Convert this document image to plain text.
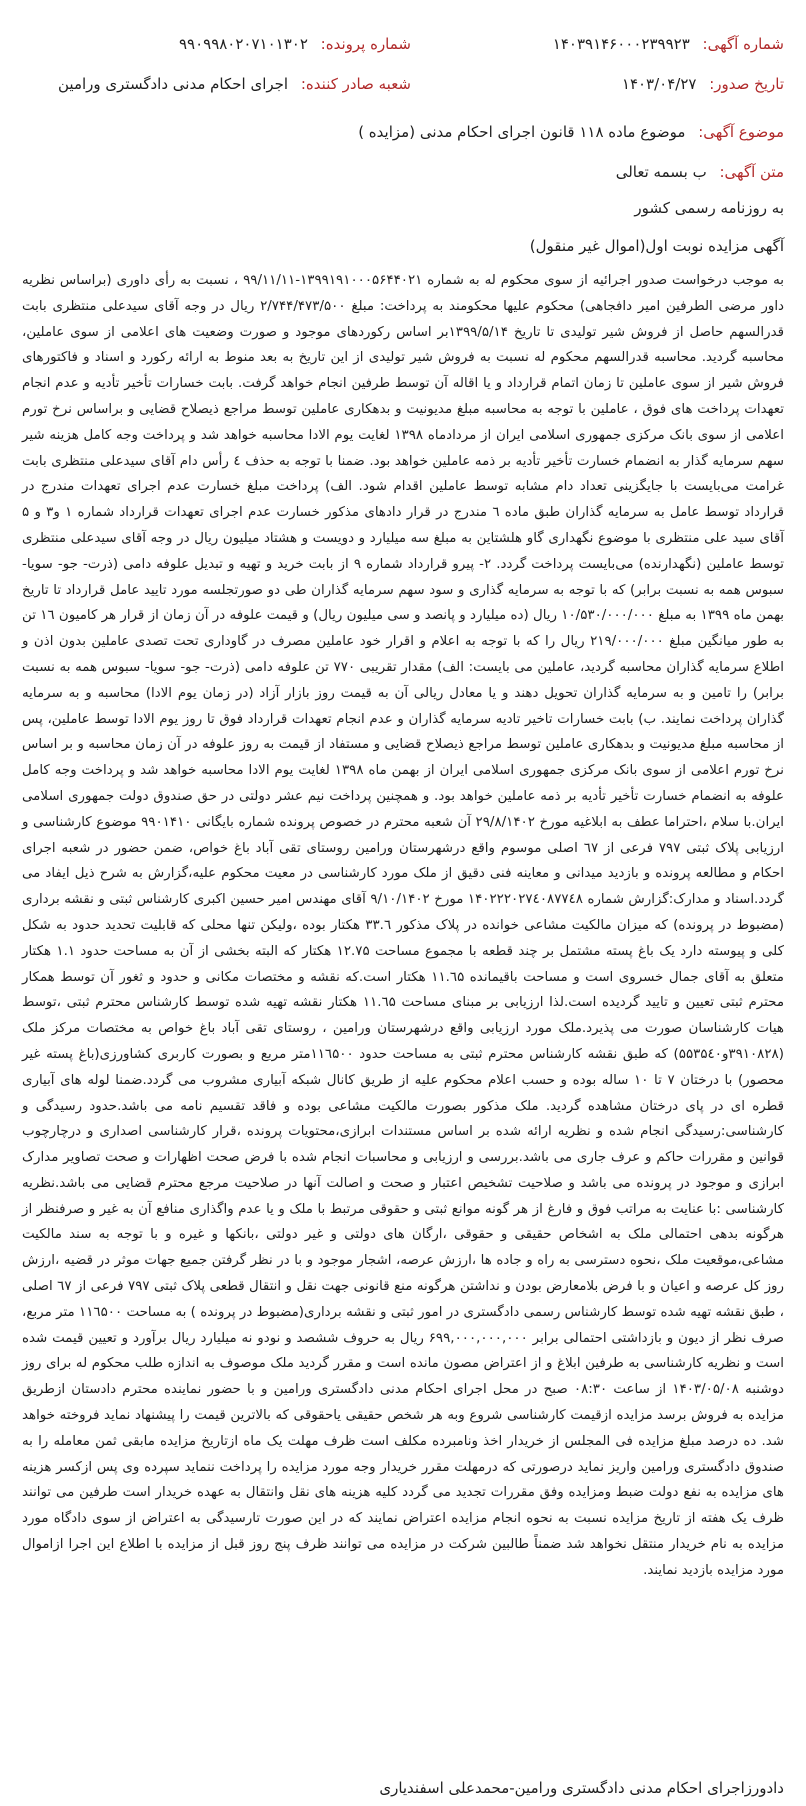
شماره آگهی: ۱۴۰۳۹۱۴۶۰۰۰۲۳۹۹۲۳
شماره پرونده: ۹۹۰۹۹۸۰۲۰۷۱۰۱۳۰۲
تاریخ صدور: ۱۴۰۳/۰۴/۲۷
شعبه صادر کننده: اجرای احکام مدنی دادگستری ورامین
موضوع آگهی: موضوع ماده ۱۱۸ قانون اجرای احکام مدنی (مزایده )
متن آگهی: ب بسمه تعالی
به روزنامه رسمی کشور
آگهی مزایده نوبت اول(اموال غیر منقول)

به موجب درخواست صدور اجرائیه از سوی محکوم له به شماره ۱۳۹۹۱۹۱۰۰۰۵۶۴۴۰۲۱-۹۹/۱۱/۱۱ ، نسبت به رأی داوری (براساس نظریه داور مرضی الطرفین امیر دافجاهی) محکوم علیها محکومند به پرداخت: مبلغ ۲/۷۴۴/۴۷۳/۵۰۰ ریال در وجه آقای سیدعلی منتظری بابت قدرالسهم حاصل از فروش شیر تولیدی تا تاریخ ۱۳۹۹/۵/۱۴بر اساس رکوردهای موجود و صورت وضعیت های اعلامی از سوی عاملین، محاسبه گردید. محاسبه قدرالسهم محکوم له نسبت به فروش شیر تولیدی از این تاریخ به بعد منوط به ارائه رکورد و اسناد و فاکتورهای فروش شیر از سوی عاملین تا زمان اتمام قرارداد و یا اقاله آن توسط طرفین انجام خواهد گرفت. بابت خسارات تأخیر تأدیه و عدم انجام تعهدات پرداخت های فوق ، عاملین با توجه به محاسبه مبلغ مدیونیت و بدهکاری عاملین توسط مراجع ذیصلاح قضایی و براساس نرخ تورم اعلامی از سوی بانک مرکزی جمهوری اسلامی ایران از مردادماه ۱۳۹۸ لغایت یوم الادا محاسبه خواهد شد و پرداخت وجه کامل هزینه شیر سهم سرمایه گذار به انضمام خسارت تأخیر تأدیه بر ذمه عاملین خواهد بود. ضمنا با توجه به حذف ٤ رأس دام آقای سیدعلی منتظری بابت غرامت می‌بایست با جایگزینی تعداد دام مشابه توسط عاملین اقدام شود. الف) پرداخت مبلغ خسارت عدم اجرای تعهدات مندرج در قرارداد توسط عامل به سرمایه گذاران طبق ماده ٦ مندرج در قرار دادهای مذکور خسارت عدم اجرای تعهدات قرارداد شماره ۱ و۳ و ۵ آقای سید علی منتظری با موضوع نگهداری گاو هلشتاین به مبلغ سه میلیارد و دویست و هشتاد میلیون ریال در وجه آقای سیدعلی منتظری توسط عاملین (نگهدارنده) می‌بایست پرداخت گردد. ۲- پیرو قرارداد شماره ۹ از بابت خرید و تهیه و تبدیل علوفه دامی (ذرت- جو- سویا- سبوس همه به نسبت برابر) که با توجه به سرمایه گذاری و سود سهم سرمایه گذاران طی دو صورتجلسه مورد تایید عامل قرارداد تا تاریخ بهمن ماه ۱۳۹۹ به مبلغ ۱۰/۵۳۰/۰۰۰/۰۰۰ ریال (ده میلیارد و پانصد و سی میلیون ریال) و قیمت علوفه در آن زمان از قرار هر کامیون ۱٦ تن به طور میانگین مبلغ ۲۱۹/۰۰۰/۰۰۰ ریال را که با توجه به اعلام و اقرار خود عاملین مصرف در گاوداری تحت تصدی عاملین بدون اذن و اطلاع سرمایه گذاران محاسبه گردید، عاملین می بایست: الف) مقدار تقریبی ۷۷۰ تن علوفه دامی (ذرت- جو- سویا- سبوس همه به نسبت برابر) را تامین و به سرمایه گذاران تحویل دهند و یا معادل ریالی آن به قیمت روز بازار آزاد (در زمان یوم الادا) محاسبه و به سرمایه گذاران پرداخت نمایند. ب) بابت خسارات تاخیر تادیه سرمایه گذاران و عدم انجام تعهدات قرارداد فوق تا روز یوم الادا توسط عاملین، پس از محاسبه مبلغ مدیونیت و بدهکاری عاملین توسط مراجع ذیصلاح قضایی و مستفاد از قیمت به روز علوفه در آن زمان محاسبه و بر اساس نرخ تورم اعلامی از سوی بانک مرکزی جمهوری اسلامی ایران از بهمن ماه ۱۳۹۸ لغایت یوم الادا محاسبه خواهد شد و پرداخت وجه کامل علوفه به انضمام خسارت تأخیر تأدیه بر ذمه عاملین خواهد بود. و همچنین پرداخت نیم عشر دولتی در حق صندوق دولت جمهوری اسلامی ایران.با سلام ،احتراما عطف به ابلاغیه مورخ ۲۹/۸/۱۴۰۲ آن شعبه محترم در خصوص پرونده شماره بایگانی ۹۹۰۱۴۱۰ موضوع کارشناسی و ارزیابی پلاک ثبتی ۷۹۷ فرعی از ٦۷ اصلی موسوم واقع درشهرستان ورامین روستای تقی آباد باغ خواص، ضمن حضور در شعبه اجرای احکام و مطالعه پرونده و بازدید میدانی و معاینه فنی دقیق از ملک مورد کارشناسی در معیت محکوم علیه،گزارش به شرح ذیل ایفاد می گردد.اسناد و مدارک:گزارش شماره ۱۴۰۲۲۲۰۲۷٤۰۸۷۷٤۸ مورخ ۹/۱۰/۱۴۰۲ آقای مهندس امیر حسین اکبری کارشناس ثبتی و نقشه برداری (مضبوط در پرونده) که میزان مالکیت مشاعی خوانده در پلاک مذکور ۳۳.٦ هکتار بوده ،ولیکن تنها محلی که قابلیت تحدید حدود به شکل کلی و پیوسته دارد یک باغ پسته مشتمل بر چند قطعه با مجموع مساحت ۱۲.۷۵ هکتار که البته بخشی از آن به مساحت حدود ۱.۱ هکتار متعلق به آقای جمال خسروی است و مساحت باقیمانده ۱۱.٦۵ هکتار است.که نقشه و مختصات مکانی و حدود و ثغور آن توسط همکار محترم ثبتی تعیین و تایید گردیده است.لذا ارزیابی بر مبنای مساحت ۱۱.٦۵ هکتار نقشه تهیه شده توسط کارشناس محترم ثبتی ،توسط هیات کارشناسان صورت می پذیرد.ملک مورد ارزیابی واقع درشهرستان ورامین ، روستای تقی آباد باغ خواص به مختصات مرکز ملک (۳۹۱۰۸۲۸و۵۵۳۵٤۰) که طبق نقشه کارشناس محترم ثبتی به مساحت حدود ۱۱٦۵۰۰متر مربع و بصورت کاربری کشاورزی(باغ پسته غیر محصور) با درختان ۷ تا ۱۰ ساله بوده و حسب اعلام محکوم علیه از طریق کانال شبکه آبیاری مشروب می گردد.ضمنا لوله های آبیاری قطره ای در پای درختان مشاهده گردید. ملک مذکور بصورت مالکیت مشاعی بوده و فاقد تقسیم نامه می باشد.حدود رسیدگی و کارشناسی:رسیدگی انجام شده و نظریه ارائه شده بر اساس مستندات ابرازی،محتویات پرونده ،قرار کارشناسی اصداری و درچارچوب قوانین و مقررات حاکم و عرف جاری می باشد.بررسی و ارزیابی و محاسبات انجام شده با فرض صحت اظهارات و صحت تصاویر مدارک ابرازی و موجود در پرونده می باشد و صلاحیت تشخیص اعتبار و صحت و اصالت آنها در صلاحیت مرجع محترم قضایی می باشد.نظریه کارشناسی :با عنایت به مراتب فوق و فارغ از هر گونه موانع ثبتی و حقوقی مرتبط با ملک و یا عدم واگذاری منافع آن به غیر و صرفنظر از هرگونه بدهی احتمالی ملک به اشخاص حقیقی و حقوقی ،ارگان های دولتی و غیر دولتی ،بانکها و غیره و با توجه به سند مالکیت مشاعی،موقعیت ملک ،نحوه دسترسی به راه و جاده ها ،ارزش عرصه، اشجار موجود و با در نظر گرفتن جمیع جهات موثر در قضیه ،ارزش روز کل عرصه و اعیان و با فرض بلامعارض بودن و نداشتن هرگونه منع قانونی جهت نقل و انتقال قطعی پلاک ثبتی ۷۹۷ فرعی از ٦۷ اصلی ، طبق نقشه تهیه شده توسط کارشناس رسمی دادگستری در امور ثبتی و نقشه برداری(مضبوط در پرونده ) به مساحت ۱۱٦۵۰۰ متر مربع، صرف نظر از دیون و بازداشتی احتمالی برابر ۶۹۹,۰۰۰,۰۰۰,۰۰۰ ریال به حروف ششصد و نودو نه میلیارد ریال برآورد و تعیین قیمت شده است و نظریه کارشناسی به طرفین ابلاغ و از اعتراض مصون مانده است و مقرر گردید ملک موصوف به اندازه طلب محکوم له برای روز دوشنبه ۱۴۰۳/۰۵/۰۸ از ساعت ۰۸:۳۰ صبح در محل اجرای احکام مدنی دادگستری ورامین و با حضور نماینده محترم دادستان ازطریق مزایده به فروش برسد مزایده ازقیمت کارشناسی شروع وبه هر شخص حقیقی یاحقوقی که بالاترین قیمت را پیشنهاد نماید فروخته خواهد شد. ده درصد مبلغ مزایده فی المجلس از خریدار اخذ ونامبرده مکلف است ظرف مهلت یک ماه ازتاریخ مزایده مابقی ثمن معامله را به صندوق دادگستری ورامین واریز نماید درصورتی که درمهلت مقرر خریدار وجه مورد مزایده را پرداخت ننماید سپرده وی پس ازکسر هزینه های مزایده به نفع دولت ضبط ومزایده وفق مقررات تجدید می گردد کلیه هزینه های نقل وانتقال به عهده خریدار است طرفین می توانند ظرف یک هفته از تاریخ مزایده نسبت به نحوه انجام مزایده اعتراض نمایند که در این صورت تارسیدگی به اعتراض از سوی دادگاه مورد مزایده به نام خریدار منتقل نخواهد شد ضمناً طالبین شرکت در مزایده می توانند ظرف پنج روز قبل از مزایده با اطلاع این اجرا ازاموال مورد مزایده بازدید نمایند.

دادورزاجرای احکام مدنی دادگستری ورامین-محمدعلی اسفندیاری
